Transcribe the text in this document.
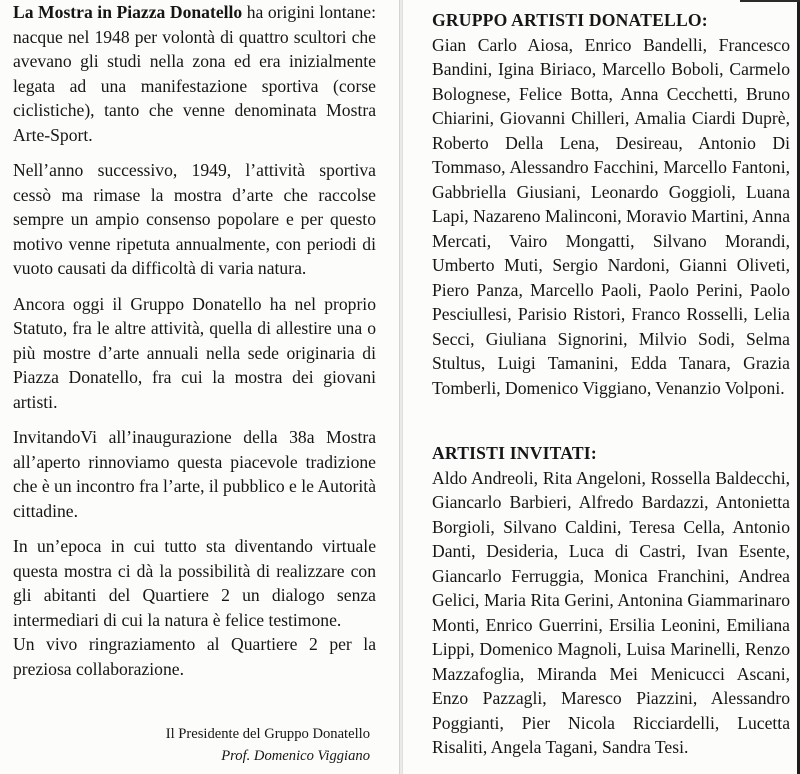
La Mostra in Piazza Donatello ha origini lontane: nacque nel 1948 per volontà di quattro scultori che avevano gli studi nella zona ed era inizialmente legata ad una manifestazione sportiva (corse ciclistiche), tanto che venne denominata Mostra Arte-Sport.

Nell’anno successivo, 1949, l’attività sportiva cessò ma rimase la mostra d’arte che raccolse sempre un ampio consenso popolare e per questo motivo venne ripetuta annualmente, con periodi di vuoto causati da difficoltà di varia natura.

Ancora oggi il Gruppo Donatello ha nel proprio Statuto, fra le altre attività, quella di allestire una o più mostre d’arte annuali nella sede originaria di Piazza Donatello, fra cui la mostra dei giovani artisti.

InvitandoVi all’inaugurazione della 38a Mostra all’aperto rinnoviamo questa piacevole tradizione che è un incontro fra l’arte, il pubblico e le Autorità cittadine.

In un’epoca in cui tutto sta diventando virtuale questa mostra ci dà la possibilità di realizzare con gli abitanti del Quartiere 2 un dialogo senza intermediari di cui la natura è felice testimone.

Un vivo ringraziamento al Quartiere 2 per la preziosa collaborazione.

Il Presidente del Gruppo Donatello
Prof. Domenico Viggiano
GRUPPO ARTISTI DONATELLO:

Gian Carlo Aiosa, Enrico Bandelli, Francesco Bandini, Igina Biriaco, Marcello Boboli, Carmelo Bolognese, Felice Botta, Anna Cecchetti, Bruno Chiarini, Giovanni Chilleri, Amalia Ciardi Duprè, Roberto Della Lena, Desireau, Antonio Di Tommaso, Alessandro Facchini, Marcello Fantoni, Gabbriella Giusiani, Leonardo Goggioli, Luana Lapi, Nazareno Malinconi, Moravio Martini, Anna Mercati, Vairo Mongatti, Silvano Morandi, Umberto Muti, Sergio Nardoni, Gianni Oliveti, Piero Panza, Marcello Paoli, Paolo Perini, Paolo Pesciullesi, Parisio Ristori, Franco Rosselli, Lelia Secci, Giuliana Signorini, Milvio Sodi, Selma Stultus, Luigi Tamanini, Edda Tanara, Grazia Tomberli, Domenico Viggiano, Venanzio Volponi.

ARTISTI INVITATI:

Aldo Andreoli, Rita Angeloni, Rossella Baldecchi, Giancarlo Barbieri, Alfredo Bardazzi, Antonietta Borgioli, Silvano Caldini, Teresa Cella, Antonio Danti, Desideria, Luca di Castri, Ivan Esente, Giancarlo Ferruggia, Monica Franchini, Andrea Gelici, Maria Rita Gerini, Antonina Giammarinaro Monti, Enrico Guerrini, Ersilia Leonini, Emiliana Lippi, Domenico Magnoli, Luisa Marinelli, Renzo Mazzafoglia, Miranda Mei Menicucci Ascani, Enzo Pazzagli, Maresco Piazzini, Alessandro Poggianti, Pier Nicola Ricciardelli, Lucetta Risaliti, Angela Tagani, Sandra Tesi.
